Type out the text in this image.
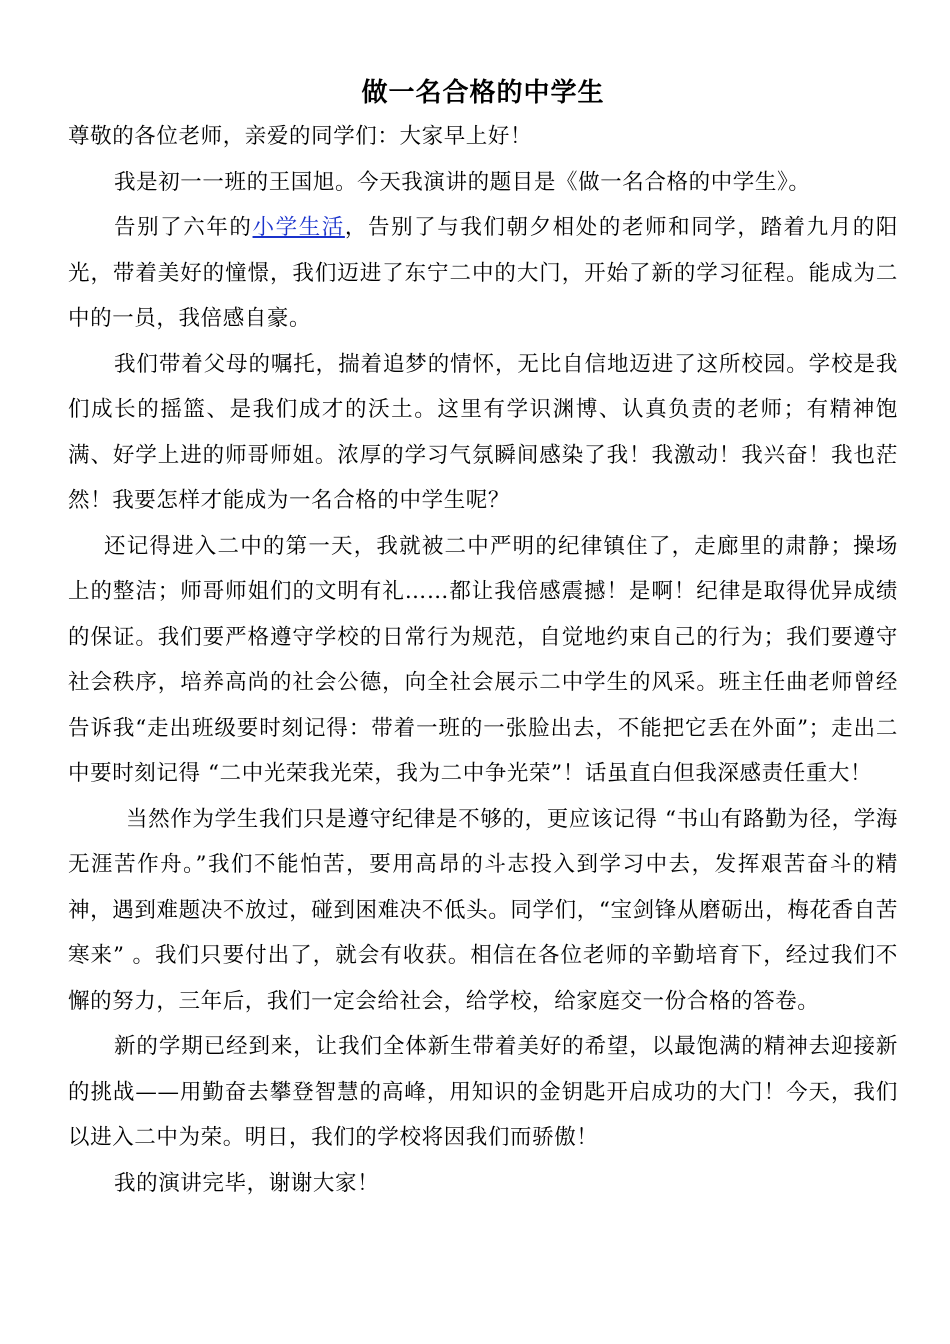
做一名合格的中学生

尊敬的各位老师，亲爱的同学们：大家早上好！

我是初一一班的王国旭。今天我演讲的题目是《做一名合格的中学生》。

告别了六年的小学生活，告别了与我们朝夕相处的老师和同学，踏着九月的阳光，带着美好的憧憬，我们迈进了东宁二中的大门，开始了新的学习征程。能成为二中的一员，我倍感自豪。

我们带着父母的嘱托，揣着追梦的情怀，无比自信地迈进了这所校园。学校是我们成长的摇篮、是我们成才的沃土。这里有学识渊博、认真负责的老师；有精神饱满、好学上进的师哥师姐。浓厚的学习气氛瞬间感染了我！我激动！我兴奋！我也茫然！我要怎样才能成为一名合格的中学生呢？

还记得进入二中的第一天，我就被二中严明的纪律镇住了，走廊里的肃静；操场上的整洁；师哥师姐们的文明有礼……都让我倍感震撼！是啊！纪律是取得优异成绩的保证。我们要严格遵守学校的日常行为规范，自觉地约束自己的行为；我们要遵守社会秩序，培养高尚的社会公德，向全社会展示二中学生的风采。班主任曲老师曾经告诉我“走出班级要时刻记得：带着一班的一张脸出去，不能把它丢在外面”；走出二中要时刻记得 “二中光荣我光荣，我为二中争光荣”！话虽直白但我深感责任重大！

当然作为学生我们只是遵守纪律是不够的，更应该记得 “书山有路勤为径，学海无涯苦作舟。”我们不能怕苦，要用高昂的斗志投入到学习中去，发挥艰苦奋斗的精神，遇到难题决不放过，碰到困难决不低头。同学们，“宝剑锋从磨砺出，梅花香自苦寒来” 。我们只要付出了，就会有收获。相信在各位老师的辛勤培育下，经过我们不懈的努力，三年后，我们一定会给社会，给学校，给家庭交一份合格的答卷。

新的学期已经到来，让我们全体新生带着美好的希望，以最饱满的精神去迎接新的挑战——用勤奋去攀登智慧的高峰，用知识的金钥匙开启成功的大门！今天，我们以进入二中为荣。明日，我们的学校将因我们而骄傲！

我的演讲完毕，谢谢大家！
